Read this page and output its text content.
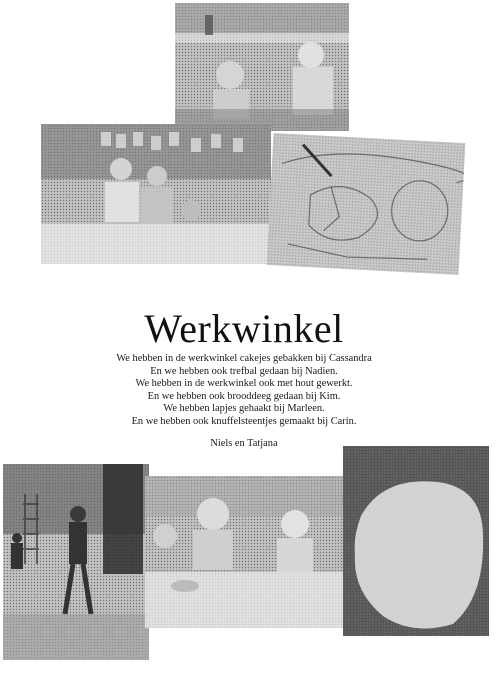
Werkwinkel
We hebben in de werkwinkel cakejes gebakken bij Cassandra
En we hebben ook trefbal gedaan bij Nadien.
We hebben in de werkwinkel ook met hout gewerkt.
En we hebben ook brooddeeg gedaan bij Kim.
We hebben lapjes gehaakt bij Marleen.
En we hebben ook knuffelsteentjes gemaakt bij Carin.
Niels en Tatjana
